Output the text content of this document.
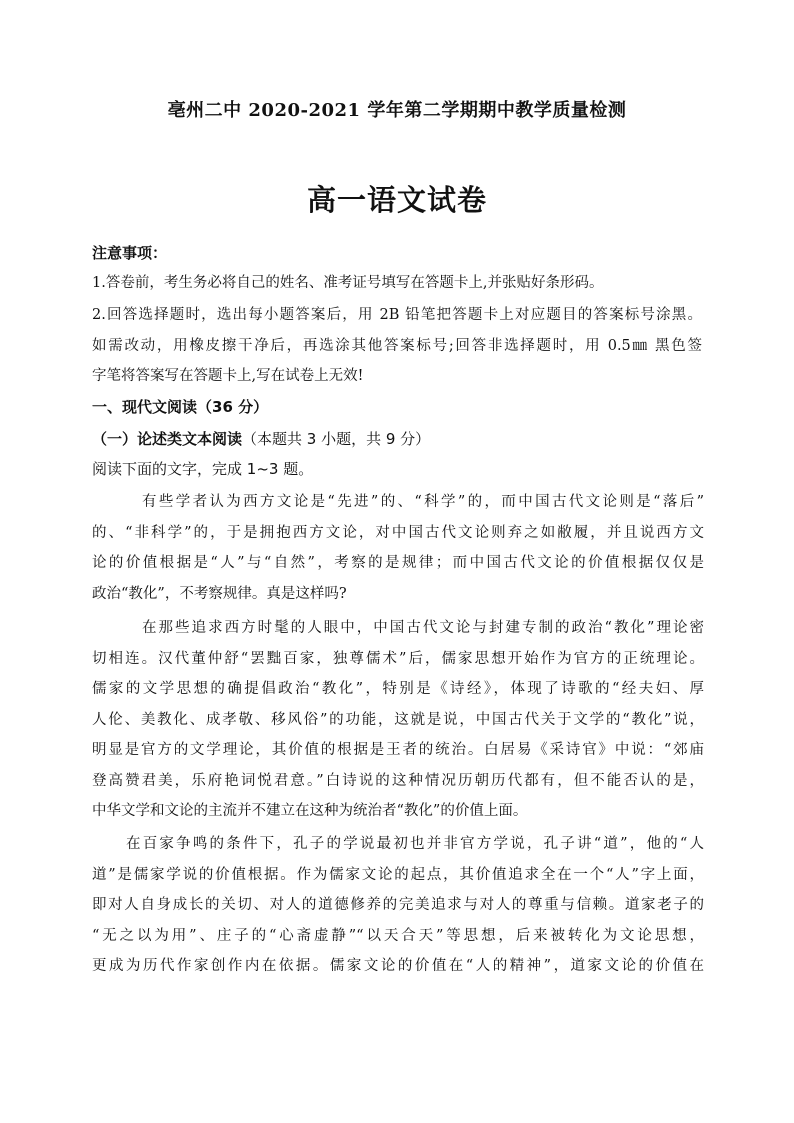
亳州二中 2020-2021 学年第二学期期中教学质量检测
高一语文试卷
注意事项：
1.答卷前，考生务必将自己的姓名、准考证号填写在答题卡上,并张贴好条形码。
2.回答选择题时，选出每小题答案后，用 2B 铅笔把答题卡上对应题目的答案标号涂黑。
如需改动，用橡皮擦干净后，再选涂其他答案标号;回答非选择题时，用 0.5㎜ 黑色签
字笔将答案写在答题卡上,写在试卷上无效!
一、现代文阅读（36 分）
（一）论述类文本阅读（本题共 3 小题，共 9 分）
阅读下面的文字，完成 1~3 题。
有些学者认为西方文论是“先进”的、“科学”的，而中国古代文论则是“落后”
的、“非科学”的，于是拥抱西方文论，对中国古代文论则弃之如敝履，并且说西方文
论的价值根据是“人”与“自然”，考察的是规律；而中国古代文论的价值根据仅仅是
政治“教化”，不考察规律。真是这样吗?
在那些追求西方时髦的人眼中，中国古代文论与封建专制的政治“教化”理论密
切相连。汉代董仲舒“罢黜百家，独尊儒术”后，儒家思想开始作为官方的正统理论。
儒家的文学思想的确提倡政治“教化”，特别是《诗经》，体现了诗歌的“经夫妇、厚
人伦、美教化、成孝敬、移风俗”的功能，这就是说，中国古代关于文学的“教化”说，
明显是官方的文学理论，其价值的根据是王者的统治。白居易《采诗官》中说：“郊庙
登高赞君美，乐府艳词悦君意。”白诗说的这种情况历朝历代都有，但不能否认的是，
中华文学和文论的主流并不建立在这种为统治者“教化”的价值上面。
在百家争鸣的条件下，孔子的学说最初也并非官方学说，孔子讲“道”，他的“人
道”是儒家学说的价值根据。作为儒家文论的起点，其价值追求全在一个“人”字上面，
即对人自身成长的关切、对人的道德修养的完美追求与对人的尊重与信赖。道家老子的
“无之以为用”、庄子的“心斋虚静”“以天合天”等思想，后来被转化为文论思想，
更成为历代作家创作内在依据。儒家文论的价值在“人的精神”，道家文论的价值在
